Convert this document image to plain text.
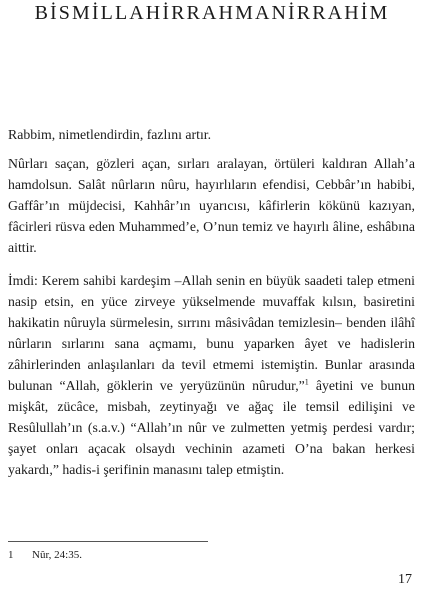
BİSMİLLAHİRRAHMANİRRAHİM

Rabbim, nimetlendirdin, fazlını artır.

Nûrları saçan, gözleri açan, sırları aralayan, örtüleri kaldıran Allah’a hamdolsun. Salât nûrların nûru, hayırlıların efendisi, Cebbâr’ın habibi, Gaffâr’ın müjdecisi, Kahhâr’ın uyarıcısı, kâfirlerin kökünü kazıyan, fâcirleri rüsva eden Muhammed’e, O’nun temiz ve hayırlı âline, eshâbına aittir.

İmdi: Kerem sahibi kardeşim –Allah senin en büyük saadeti talep etmeni nasip etsin, en yüce zirveye yükselmende muvaffak kılsın, basiretini hakikatin nûruyla sürmelesin, sırrını mâsivâdan temizlesin– benden ilâhî nûrların sırlarını sana açmamı, bunu yaparken âyet ve hadislerin zâhirlerinden anlaşılanları da tevil etmemi istemiştin. Bunlar arasında bulunan “Allah, göklerin ve yeryüzünün nûrudur,”$^1$ âyetini ve bunun mişkât, zücâce, misbah, zeytinyağı ve ağaç ile temsil edilişini ve Resûlullah’ın (s.a.v.) “Allah’ın nûr ve zulmetten yetmiş perdesi vardır; şayet onları açacak olsaydı vechinin azameti O’na bakan herkesi yakardı,” hadis-i şerifinin manasını talep etmiştin.

1 Nûr, 24:35.
17
